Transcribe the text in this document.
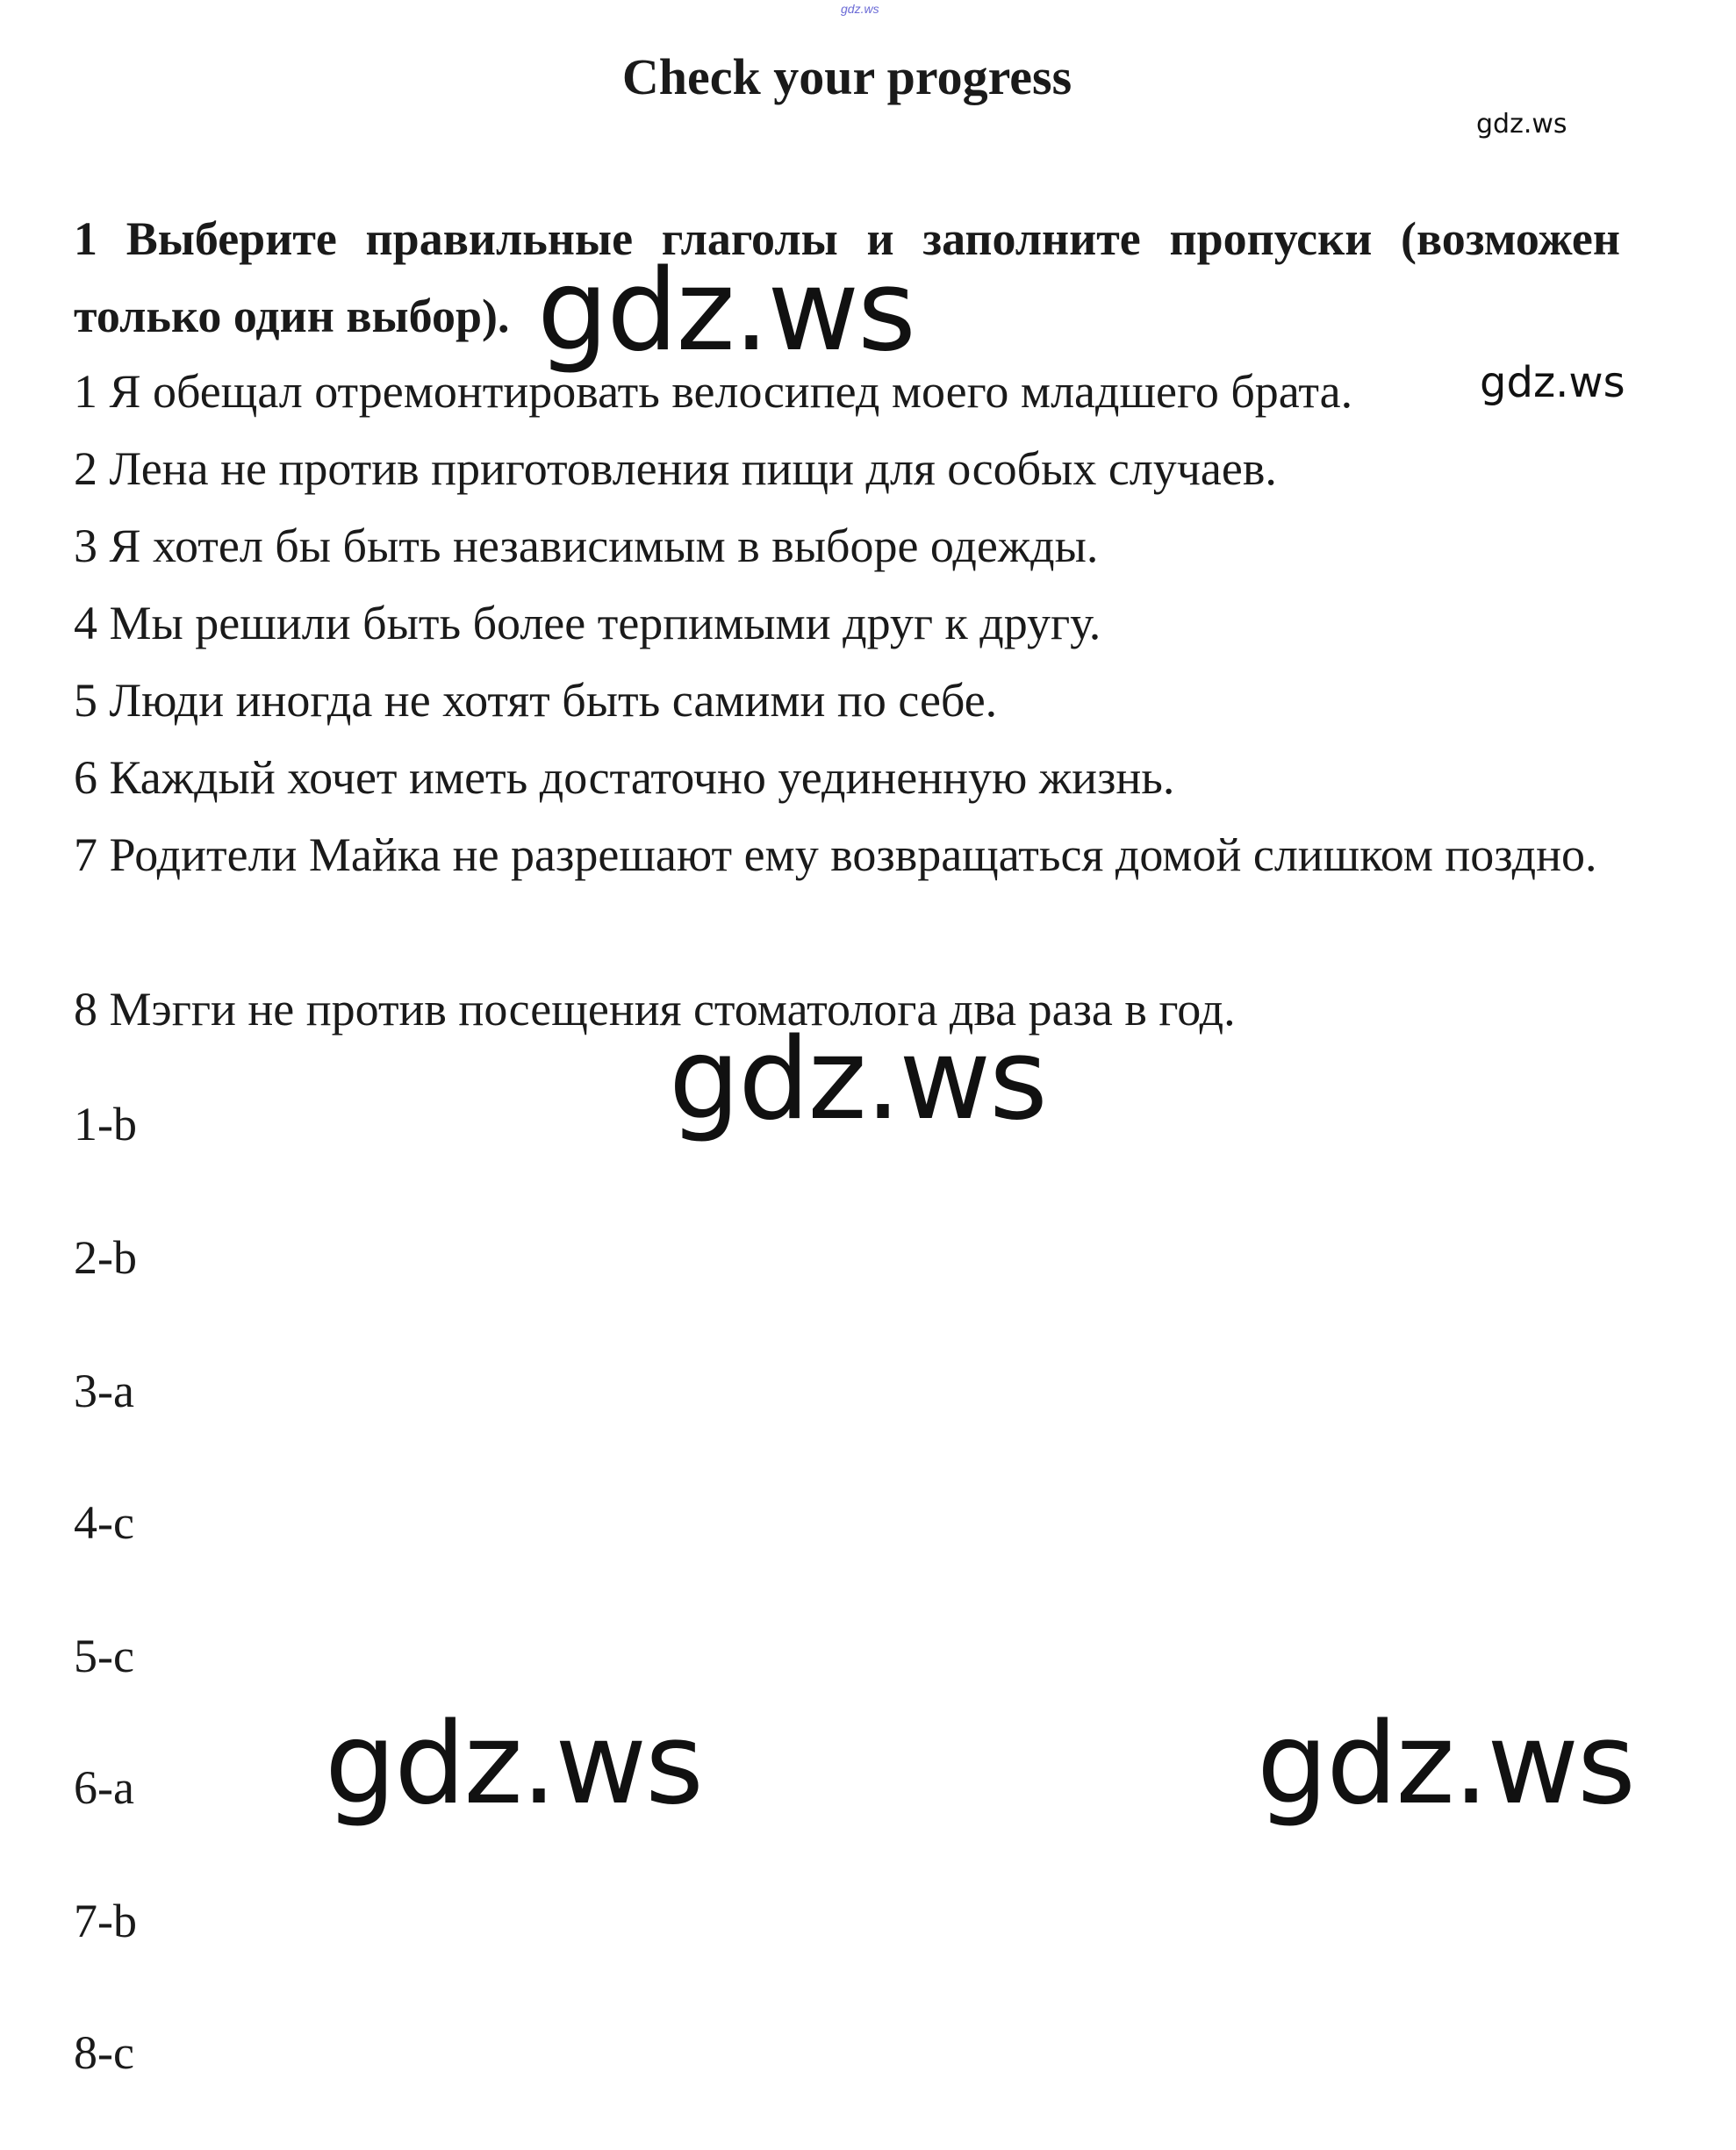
gdz.ws
Check your progress
gdz.ws
1 Выберите правильные глаголы и заполните пропуски (возможен только один выбор). gdz.ws
1 Я обещал отремонтировать велосипед моего младшего брата.	gdz.ws
2 Лена не против приготовления пищи для особых случаев.
3 Я хотел бы быть независимым в выборе одежды.
4 Мы решили быть более терпимыми друг к другу.
5 Люди иногда не хотят быть самими по себе.
6 Каждый хочет иметь достаточно уединенную жизнь.
7 Родители Майка не разрешают ему возвращаться домой слишком поздно.
8 Мэгги не против посещения стоматолога два раза в год.
gdz.ws
1-b
2-b
3-a
4-c
5-c
6-a
7-b
8-c
gdz.ws	gdz.ws
